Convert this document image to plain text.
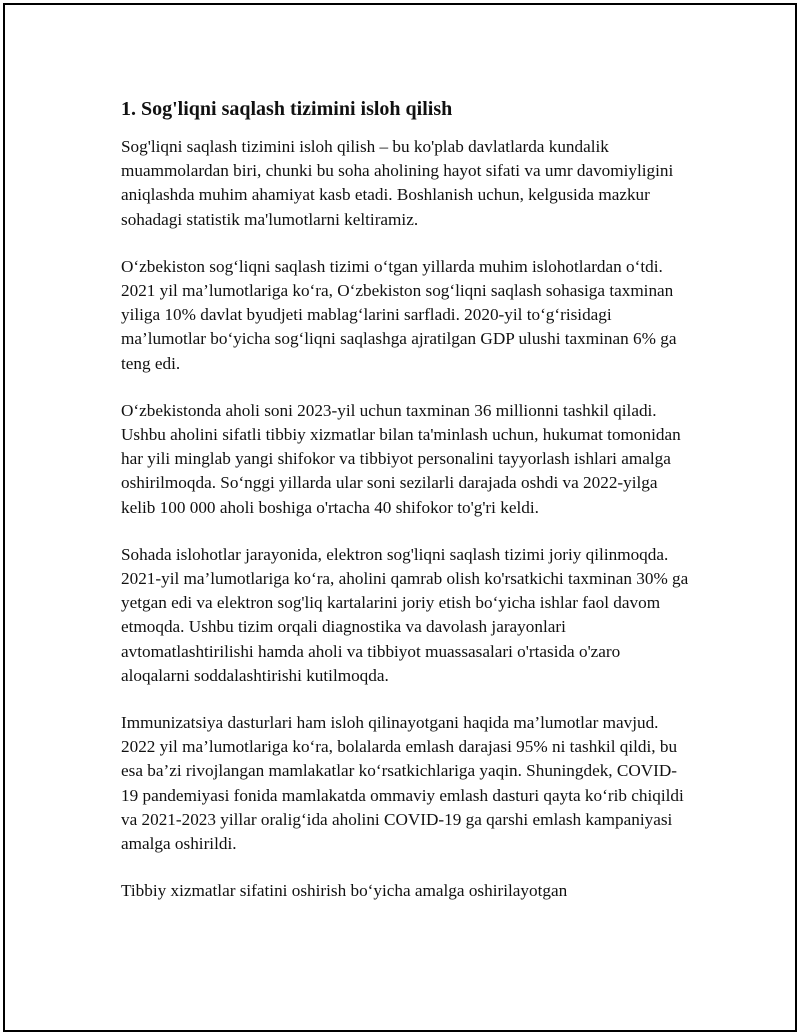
1. Sog'liqni saqlash tizimini isloh qilish

Sog'liqni saqlash tizimini isloh qilish – bu ko'plab davlatlarda kundalik muammolardan biri, chunki bu soha aholining hayot sifati va umr davomiyligini aniqlashda muhim ahamiyat kasb etadi. Boshlanish uchun, kelgusida mazkur sohadagi statistik ma'lumotlarni keltiramiz.

O‘zbekiston sog‘liqni saqlash tizimi o‘tgan yillarda muhim islohotlardan o‘tdi. 2021 yil ma’lumotlariga ko‘ra, O‘zbekiston sog‘liqni saqlash sohasiga taxminan yiliga 10% davlat byudjeti mablag‘larini sarfladi. 2020-yil to‘g‘risidagi ma’lumotlar bo‘yicha sog‘liqni saqlashga ajratilgan GDP ulushi taxminan 6% ga teng edi.

O‘zbekistonda aholi soni 2023-yil uchun taxminan 36 millionni tashkil qiladi. Ushbu aholini sifatli tibbiy xizmatlar bilan ta'minlash uchun, hukumat tomonidan har yili minglab yangi shifokor va tibbiyot personalini tayyorlash ishlari amalga oshirilmoqda. So‘nggi yillarda ular soni sezilarli darajada oshdi va 2022-yilga kelib 100 000 aholi boshiga o'rtacha 40 shifokor to'g'ri keldi.

Sohada islohotlar jarayonida, elektron sog'liqni saqlash tizimi joriy qilinmoqda. 2021-yil ma’lumotlariga ko‘ra, aholini qamrab olish ko'rsatkichi taxminan 30% ga yetgan edi va elektron sog'liq kartalarini joriy etish bo‘yicha ishlar faol davom etmoqda. Ushbu tizim orqali diagnostika va davolash jarayonlari avtomatlashtirilishi hamda aholi va tibbiyot muassasalari o'rtasida o'zaro aloqalarni soddalashtirishi kutilmoqda.

Immunizatsiya dasturlari ham isloh qilinayotgani haqida ma’lumotlar mavjud. 2022 yil ma’lumotlariga ko‘ra, bolalarda emlash darajasi 95% ni tashkil qildi, bu esa ba’zi rivojlangan mamlakatlar ko‘rsatkichlariga yaqin. Shuningdek, COVID-19 pandemiyasi fonida mamlakatda ommaviy emlash dasturi qayta ko‘rib chiqildi va 2021-2023 yillar oralig‘ida aholini COVID-19 ga qarshi emlash kampaniyasi amalga oshirildi.

Tibbiy xizmatlar sifatini oshirish bo‘yicha amalga oshirilayotgan
